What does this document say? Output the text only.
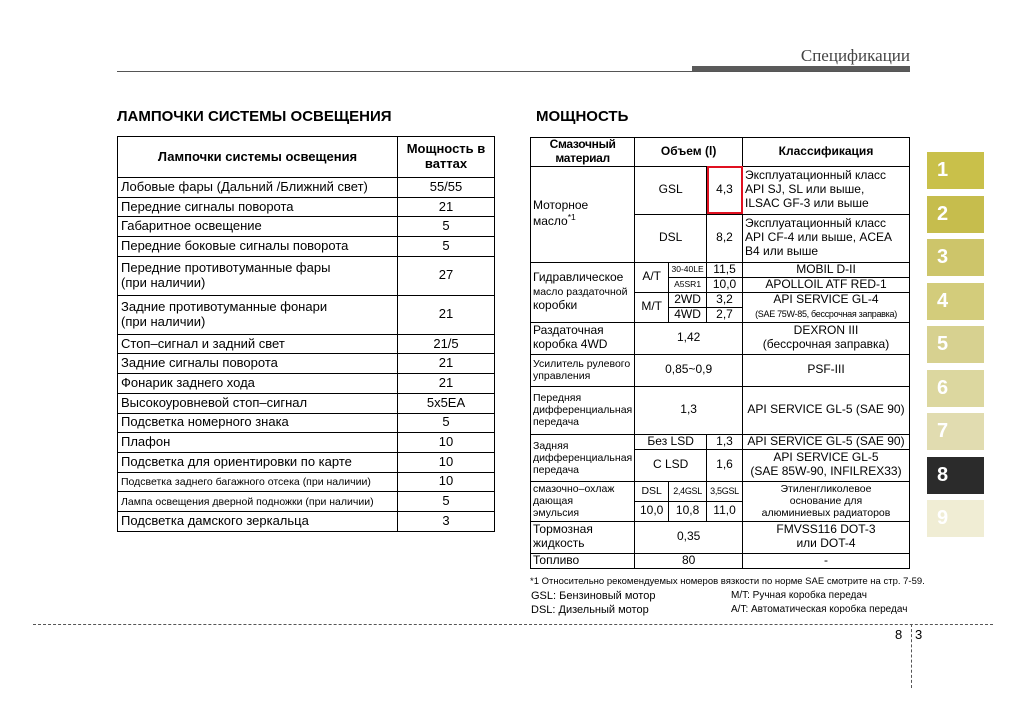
Спецификации
ЛАМПОЧКИ СИСТЕМЫ ОСВЕЩЕНИЯ
Лампочки системы освещения	Мощность в
ваттах
Лобовые фары (Дальний /Ближний свет)	55/55
Передние сигналы поворота	21
Габаритное освещение	5
Передние боковые сигналы поворота	5
Передние противотуманные фары
(при наличии)	27
Задние противотуманные фонари
(при наличии)	21
Стоп–сигнал и задний свет	21/5
Задние сигналы поворота	21
Фонарик заднего хода	21
Высокоуровневой стоп–сигнал	5x5EA
Подсветка номерного знака	5
Плафон	10
Подсветка для ориентировки по карте	10
Подсветка заднего багажного отсека (при наличии)	10
Лампа освещения дверной подножки (при наличии)	5
Подсветка дамского зеркальца	3
МОЩНОСТЬ
Смазочный материал	Объем (l)			Классификация
Моторное масло$^{*1}$	GSL		4,3	Эксплуатационный класс
API SJ, SL или выше,
ILSAC GF-3 или выше
	DSL		8,2	Эксплуатационный класс
API CF-4 или выше, ACEA
B4 или выше
Гидравлическое
масло раздаточной
коробки	A/T	30-40LE	11,5	MOBIL D-II
		A5SR1	10,0	APOLLOIL ATF RED-1
	M/T	2WD	3,2	API SERVICE GL-4
(SAE 75W-85, бессрочная заправка)
		4WD	2,7	
Раздаточная
коробка 4WD	1,42			DEXRON III
(бессрочная заправка)
Усилитель рулевого
управления	0,85~0,9			PSF-III
Передняя
дифференциальная
передача	1,3			API SERVICE GL-5 (SAE 90)
Задняя
дифференциальная
передача	Без LSD		1,3	API SERVICE GL-5 (SAE 90)
	C LSD		1,6	API SERVICE GL-5
(SAE 85W-90, INFILREX33)
смазочно–охлаж
дающая
эмульсия	DSL	2,4GSL	3,5GSL	Этиленгликолевое
основание для
алюминиевых радиаторов
	10,0	10,8	11,0	
Тормозная
жидкость	0,35			FMVSS116 DOT-3
или DOT-4
Топливо	80			-
*1 Относительно рекомендуемых номеров вязкости по норме SAE смотрите на стр. 7-59.
GSL: Бензиновый мотор
DSL: Дизельный мотор
M/T: Ручная коробка передач
A/T: Автоматическая коробка передач
8 3
1
2
3
4
5
6
7
8
9
